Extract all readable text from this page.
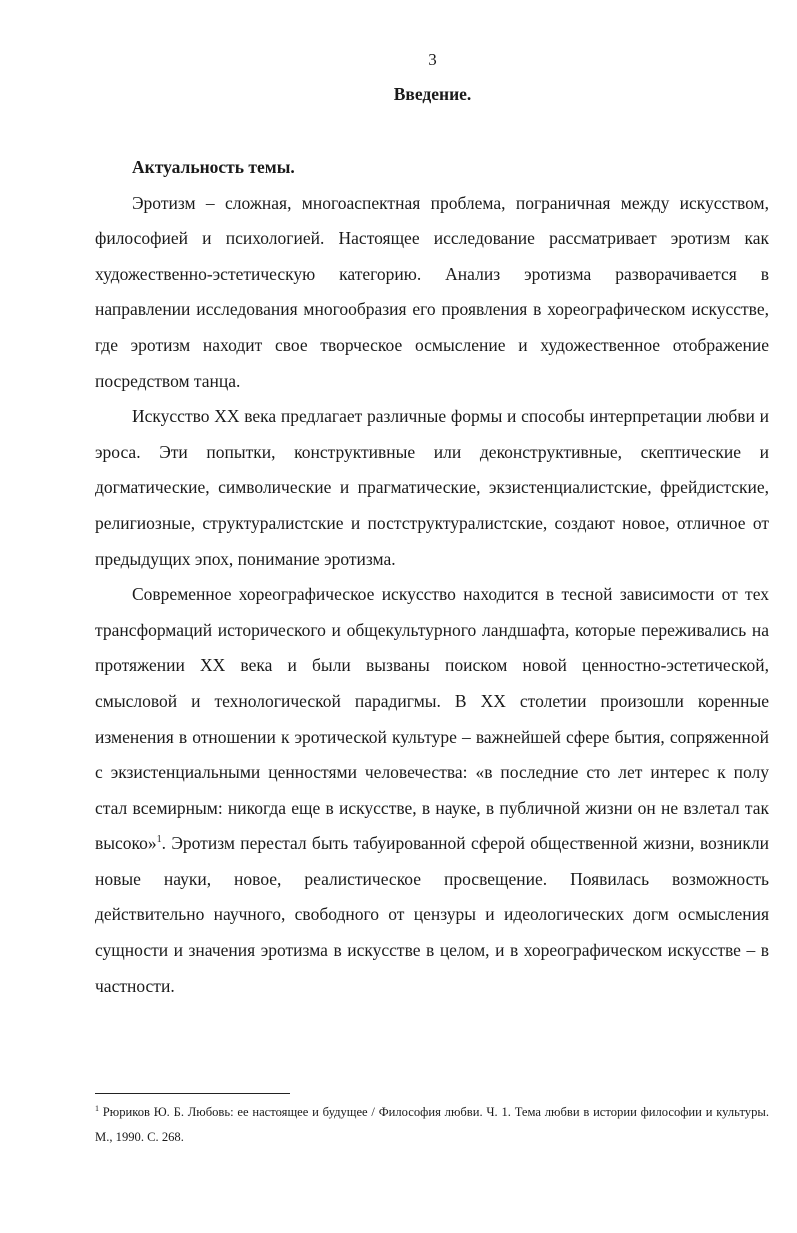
3
Введение.

Актуальность темы.

Эротизм – сложная, многоаспектная проблема, пограничная между искусством, философией и психологией. Настоящее исследование рассматривает эротизм как художественно-эстетическую категорию. Анализ эротизма разворачивается в направлении исследования многообразия его проявления в хореографическом искусстве, где эротизм находит свое творческое осмысление и художественное отображение посредством танца.

Искусство XX века предлагает различные формы и способы интерпретации любви и эроса. Эти попытки, конструктивные или деконструктивные, скептические и догматические, символические и прагматические, экзистенциалистские, фрейдистские, религиозные, структуралистские и постструктуралистские, создают новое, отличное от предыдущих эпох, понимание эротизма.

Современное хореографическое искусство находится в тесной зависимости от тех трансформаций исторического и общекультурного ландшафта, которые переживались на протяжении XX века и были вызваны поиском новой ценностно-эстетической, смысловой и технологической парадигмы. В XX столетии произошли коренные изменения в отношении к эротической культуре – важнейшей сфере бытия, сопряженной с экзистенциальными ценностями человечества: «в последние сто лет интерес к полу стал всемирным: никогда еще в искусстве, в науке, в публичной жизни он не взлетал так высоко»$^1$. Эротизм перестал быть табуированной сферой общественной жизни, возникли новые науки, новое, реалистическое просвещение. Появилась возможность действительно научного, свободного от цензуры и идеологических догм осмысления сущности и значения эротизма в искусстве в целом, и в хореографическом искусстве – в частности.

$^1$ Рюриков Ю. Б. Любовь: ее настоящее и будущее / Философия любви. Ч. 1. Тема любви в истории философии и культуры. М., 1990. С. 268.
